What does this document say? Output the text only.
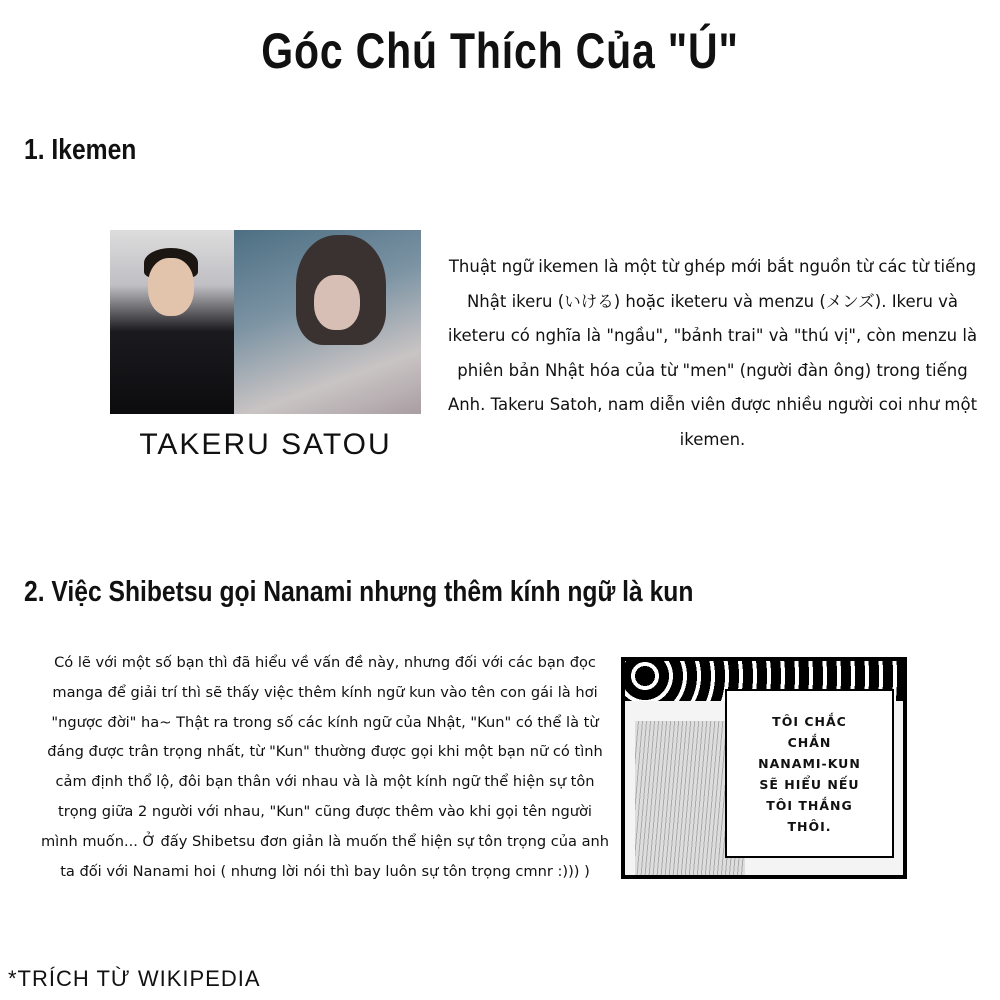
Góc Chú Thích Của "Ú"
1. Ikemen
TAKERU SATOU
Thuật ngữ ikemen là một từ ghép mới bắt nguồn từ các từ tiếng Nhật ikeru (いける) hoặc iketeru và menzu (メンズ). Ikeru và iketeru có nghĩa là "ngầu", "bảnh trai" và "thú vị", còn menzu là phiên bản Nhật hóa của từ "men" (người đàn ông) trong tiếng Anh. Takeru Satoh, nam diễn viên được nhiều người coi như một ikemen.
2. Việc Shibetsu gọi Nanami nhưng thêm kính ngữ là kun
Có lẽ với một số bạn thì đã hiểu về vấn đề này, nhưng đối với các bạn đọc manga để giải trí thì sẽ thấy việc thêm kính ngữ kun vào tên con gái là hơi "ngược đời" ha~ Thật ra trong số các kính ngữ của Nhật, "Kun" có thể là từ đáng được trân trọng nhất, từ "Kun" thường được gọi khi một bạn nữ có tình cảm định thổ lộ, đôi bạn thân với nhau và là một kính ngữ thể hiện sự tôn trọng giữa 2 người với nhau, "Kun" cũng được thêm vào khi gọi tên người mình muốn... Ở đấy Shibetsu đơn giản là muốn thể hiện sự tôn trọng của anh ta đối với Nanami hoi ( nhưng lời nói thì bay luôn sự tôn trọng cmnr :))) )
TÔI CHẮC CHẮN NANAMI-KUN SẼ HIỂU NẾU TÔI THẮNG THÔI.
*TRÍCH TỪ WIKIPEDIA
